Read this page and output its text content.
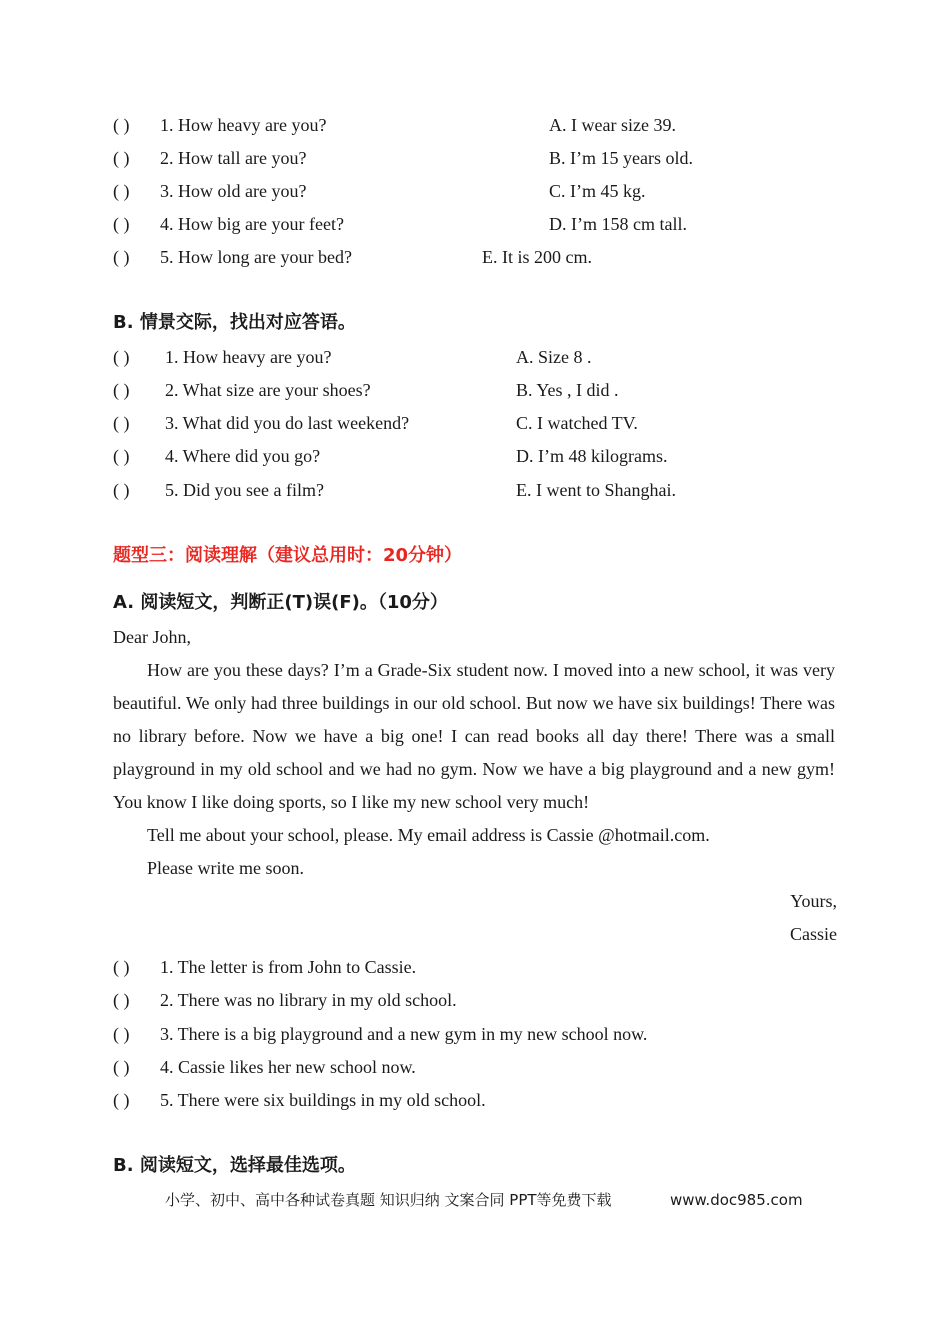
( ) 1. How heavy are you?	A. I wear size 39.
( ) 2. How tall are you?	B. I’m 15 years old.
( ) 3. How old are you?	C. I’m 45 kg.
( ) 4. How big are your feet?	D. I’m 158 cm tall.
( ) 5. How long are your bed?	E. It is 200 cm.
B. 情景交际，找出对应答语。
( ) 1. How heavy are you?	A. Size 8 .
( ) 2. What size are your shoes?	B. Yes , I did .
( ) 3. What did you do last weekend?	C. I watched TV.
( ) 4. Where did you go?	D. I’m 48 kilograms.
( ) 5. Did you see a film?	E. I went to Shanghai.
题型三：阅读理解（建议总用时：20分钟）
A. 阅读短文，判断正(T)误(F)。（10分）
Dear John,
How are you these days? I’m a Grade-Six student now. I moved into a new school, it was very beautiful. We only had three buildings in our old school. But now we have six buildings! There was no library before. Now we have a big one! I can read books all day there! There was a small playground in my old school and we had no gym. Now we have a big playground and a new gym! You know I like doing sports, so I like my new school very much!
Tell me about your school, please. My email address is Cassie @hotmail.com.
Please write me soon.
Yours,
Cassie
( ) 1. The letter is from John to Cassie.
( ) 2. There was no library in my old school.
( ) 3. There is a big playground and a new gym in my new school now.
( ) 4. Cassie likes her new school now.
( ) 5. There were six buildings in my old school.
B. 阅读短文，选择最佳选项。
小学、初中、高中各种试卷真题 知识归纳 文案合同 PPT等免费下载	www.doc985.com
